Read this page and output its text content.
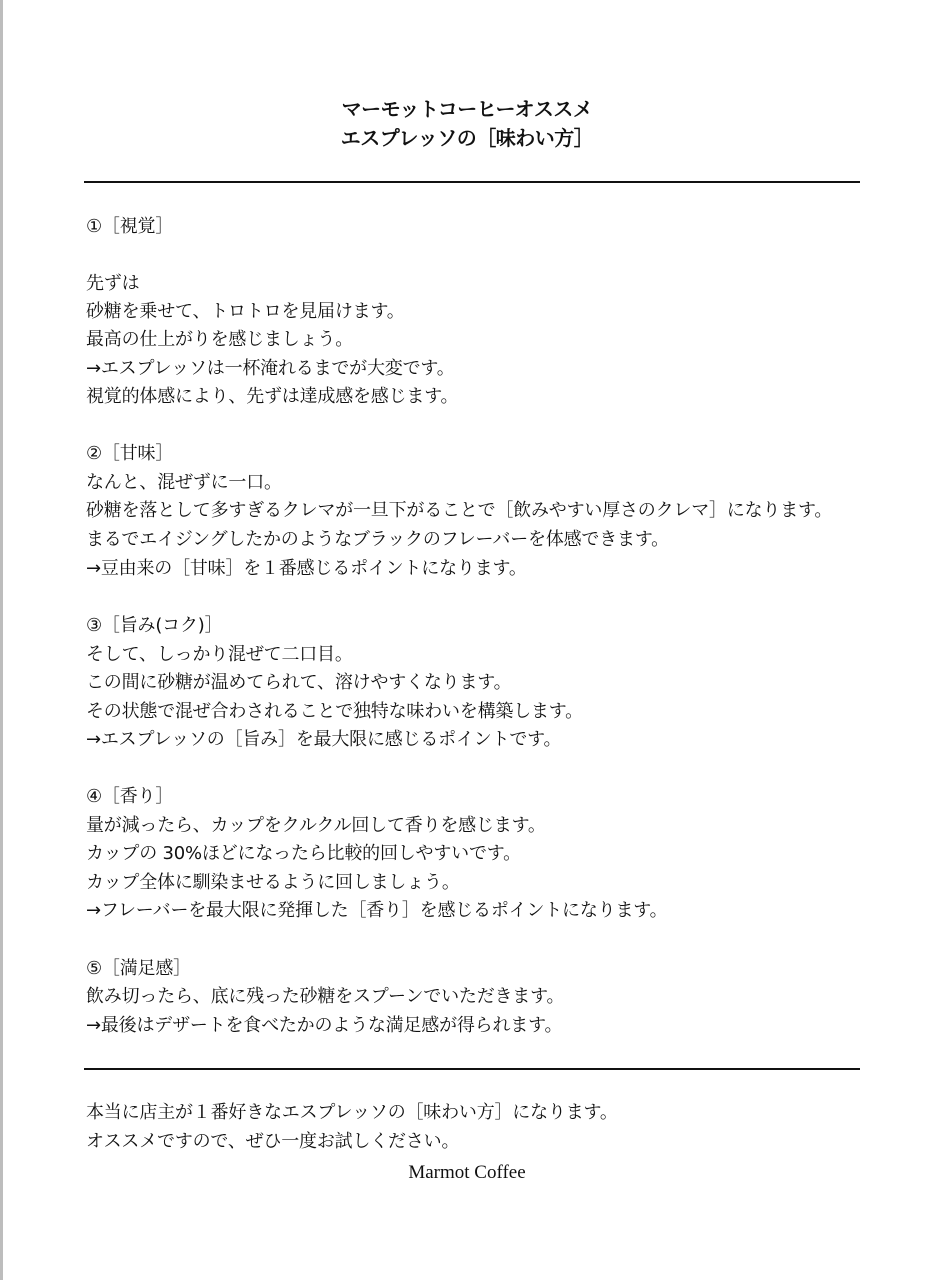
マーモットコーヒーオススメ
エスプレッソの［味わい方］
①［視覚］
先ずは
砂糖を乗せて、トロトロを見届けます。
最高の仕上がりを感じましょう。
→エスプレッソは一杯淹れるまでが大変です。
視覚的体感により、先ずは達成感を感じます。
②［甘味］
なんと、混ぜずに一口。
砂糖を落として多すぎるクレマが一旦下がることで［飲みやすい厚さのクレマ］になります。
まるでエイジングしたかのようなブラックのフレーバーを体感できます。
→豆由来の［甘味］を１番感じるポイントになります。
③［旨み(コク)］
そして、しっかり混ぜて二口目。
この間に砂糖が温めてられて、溶けやすくなります。
その状態で混ぜ合わされることで独特な味わいを構築します。
→エスプレッソの［旨み］を最大限に感じるポイントです。
④［香り］
量が減ったら、カップをクルクル回して香りを感じます。
カップの 30%ほどになったら比較的回しやすいです。
カップ全体に馴染ませるように回しましょう。
→フレーバーを最大限に発揮した［香り］を感じるポイントになります。
⑤［満足感］
飲み切ったら、底に残った砂糖をスプーンでいただきます。
→最後はデザートを食べたかのような満足感が得られます。
本当に店主が１番好きなエスプレッソの［味わい方］になります。
オススメですので、ぜひ一度お試しください。
Marmot Coffee
